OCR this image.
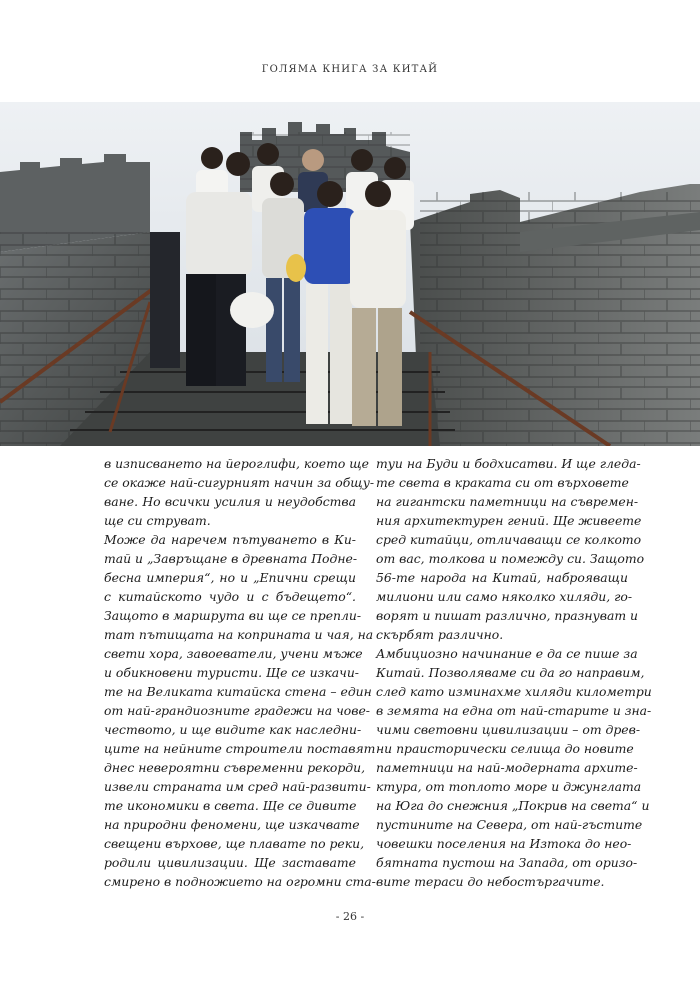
ГОЛЯМА КНИГА ЗА КИТАЙ
в изписването на йероглифи, което ще
се окаже най-сигурният начин за общу-
ване. Но всички усилия и неудобства
ще си струват.
Може да наречем пътуването в Ки-
тай и „Завръщане в древната Подне-
бесна империя“, но и „Епични срещи
с китайското чудо и с бъдещето“.
Защото в маршрута ви ще се препли-
тат пътищата на коприната и чая, на
свети хора, завоеватели, учени мъже
и обикновени туристи. Ще се изкачи-
те на Великата китайска стена – един
от най-грандиозните градежи на чове-
чеството, и ще видите как наследни-
ците на нейните строители поставят
днес невероятни съвременни рекорди,
извели страната им сред най-развити-
те икономики в света. Ще се дивите
на природни феномени, ще изкачвате
свещени върхове, ще плавате по реки,
родили цивилизации. Ще заставате
смирено в подножието на огромни ста-
туи на Буди и бодхисатви. И ще гледа-
те света в краката си от върховете
на гигантски паметници на съвремен-
ния архитектурен гений. Ще живеете
сред китайци, отличаващи се колкото
от вас, толкова и помежду си. Защото
56-те народа на Китай, наброяващи
милиони или само няколко хиляди, го-
ворят и пишат различно, празнуват и
скърбят различно.
Амбициозно начинание е да се пише за
Китай. Позволяваме си да го направим,
след като изминахме хиляди километри
в земята на една от най-старите и зна-
чими световни цивилизации – от древ-
ни праисторически селища до новите
паметници на най-модерната архите-
ктура, от топлото море и джунглата
на Юга до снежния „Покрив на света“ и
пустините на Севера, от най-гъстите
човешки поселения на Изтока до нео-
бятната пустош на Запада, от оризо-
вите тераси до небостъргачите.
- 26 -
